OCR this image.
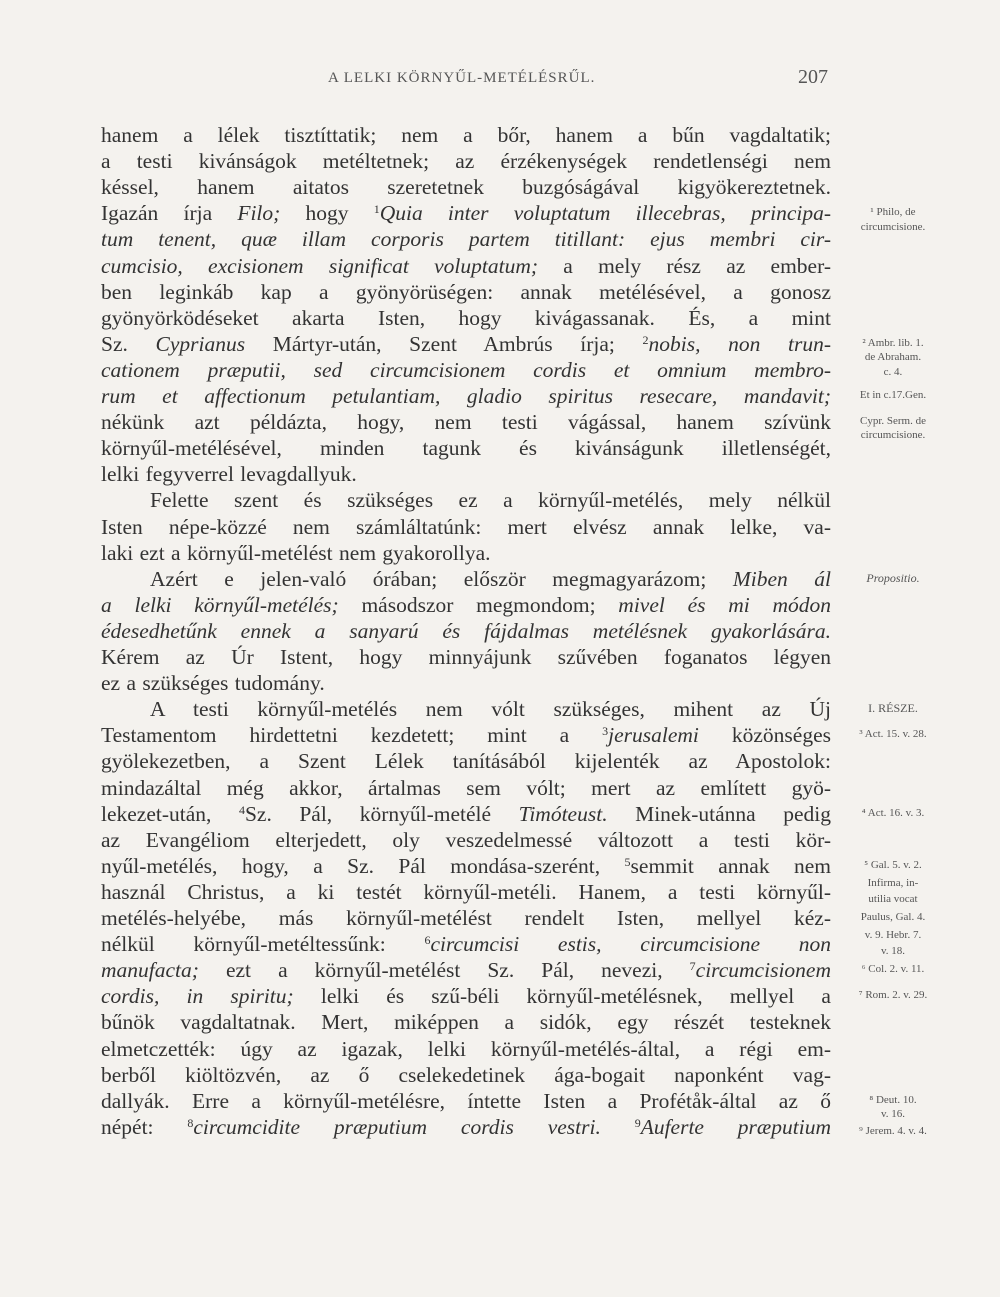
A LELKI KÖRNYŰL-METÉLÉSRŰL.	207
hanem a lélek tisztíttatik; nem a bőr, hanem a bűn vagdaltatik;
a testi kivánságok metéltetnek; az érzékenységek rendetlenségi nem
késsel, hanem aitatos szeretetnek buzgóságával kigyökereztetnek.
Igazán írja Filo; hogy $^1$Quia inter voluptatum illecebras, principa-
tum tenent, quæ illam corporis partem titillant: ejus membri cir-
cumcisio, excisionem significat voluptatum; a mely rész az ember-
ben leginkáb kap a gyönyörüségen: annak metélésével, a gonosz
gyönyörködéseket akarta Isten, hogy kivágassanak. És, a mint
Sz. Cyprianus Mártyr-után, Szent Ambrús írja; $^2$nobis, non trun-
cationem præputii, sed circumcisionem cordis et omnium membro-
rum et affectionum petulantiam, gladio spiritus resecare, mandavit;
nékünk azt példázta, hogy, nem testi vágással, hanem szívünk
környűl-metélésével, minden tagunk és kivánságunk illetlenségét,
lelki fegyverrel levagdallyuk.
Felette szent és szükséges ez a környűl-metélés, mely nélkül
Isten népe-közzé nem számláltatúnk: mert elvész annak lelke, va-
laki ezt a környűl-metélést nem gyakorollya.
Azért e jelen-való órában; először megmagyarázom; Miben ál
a lelki környűl-metélés; másodszor megmondom; mivel és mi módon
édesedhetűnk ennek a sanyarú és fájdalmas metélésnek gyakorlására.
Kérem az Úr Istent, hogy minnyájunk szűvében foganatos légyen
ez a szükséges tudomány.
A testi környűl-metélés nem vólt szükséges, mihent az Új
Testamentom hirdettetni kezdetett; mint a $^3$jerusalemi közönséges
gyölekezetben, a Szent Lélek tanításából kijelenték az Apostolok:
mindazáltal még akkor, ártalmas sem vólt; mert az említett gyö-
lekezet-után, $^4$Sz. Pál, környűl-metélé Timóteust. Minek-utánna pedig
az Evangéliom elterjedett, oly veszedelmessé változott a testi kör-
nyűl-metélés, hogy, a Sz. Pál mondása-szerént, $^5$semmit annak nem
használ Christus, a ki testét környűl-metéli. Hanem, a testi környűl-
metélés-helyébe, más környűl-metélést rendelt Isten, mellyel kéz-
nélkül környűl-metéltessűnk: $^6$circumcisi estis, circumcisione non
manufacta; ezt a környűl-metélést Sz. Pál, nevezi, $^7$circumcisionem
cordis, in spiritu; lelki és szű-béli környűl-metélésnek, mellyel a
bűnök vagdaltatnak. Mert, miképpen a sidók, egy részét testeknek
elmetczették: úgy az igazak, lelki környűl-metélés-által, a régi em-
berből kiöltözvén, az ő cselekedetinek ága-bogait naponként vag-
dallyák. Erre a környűl-metélésre, íntette Isten a Profétåk-által az ő
népét: $^8$circumcidite præputium cordis vestri.	$^9$Auferte præputium
¹ Philo, de
circumcisione.
² Ambr. lib. 1.
de Abraham.
c. 4.
Et in c.17.Gen.
Cypr. Serm. de
circumcisione.
Propositio.
I. RÉSZE.
³ Act. 15. v. 28.
⁴ Act. 16. v. 3.
⁵ Gal. 5. v. 2.
Infirma, in-
utilia vocat
Paulus, Gal. 4.
v. 9. Hebr. 7.
v. 18.
⁶ Col. 2. v. 11.
⁷ Rom. 2. v. 29.
⁸ Deut. 10.
v. 16.
⁹ Jerem. 4. v. 4.
